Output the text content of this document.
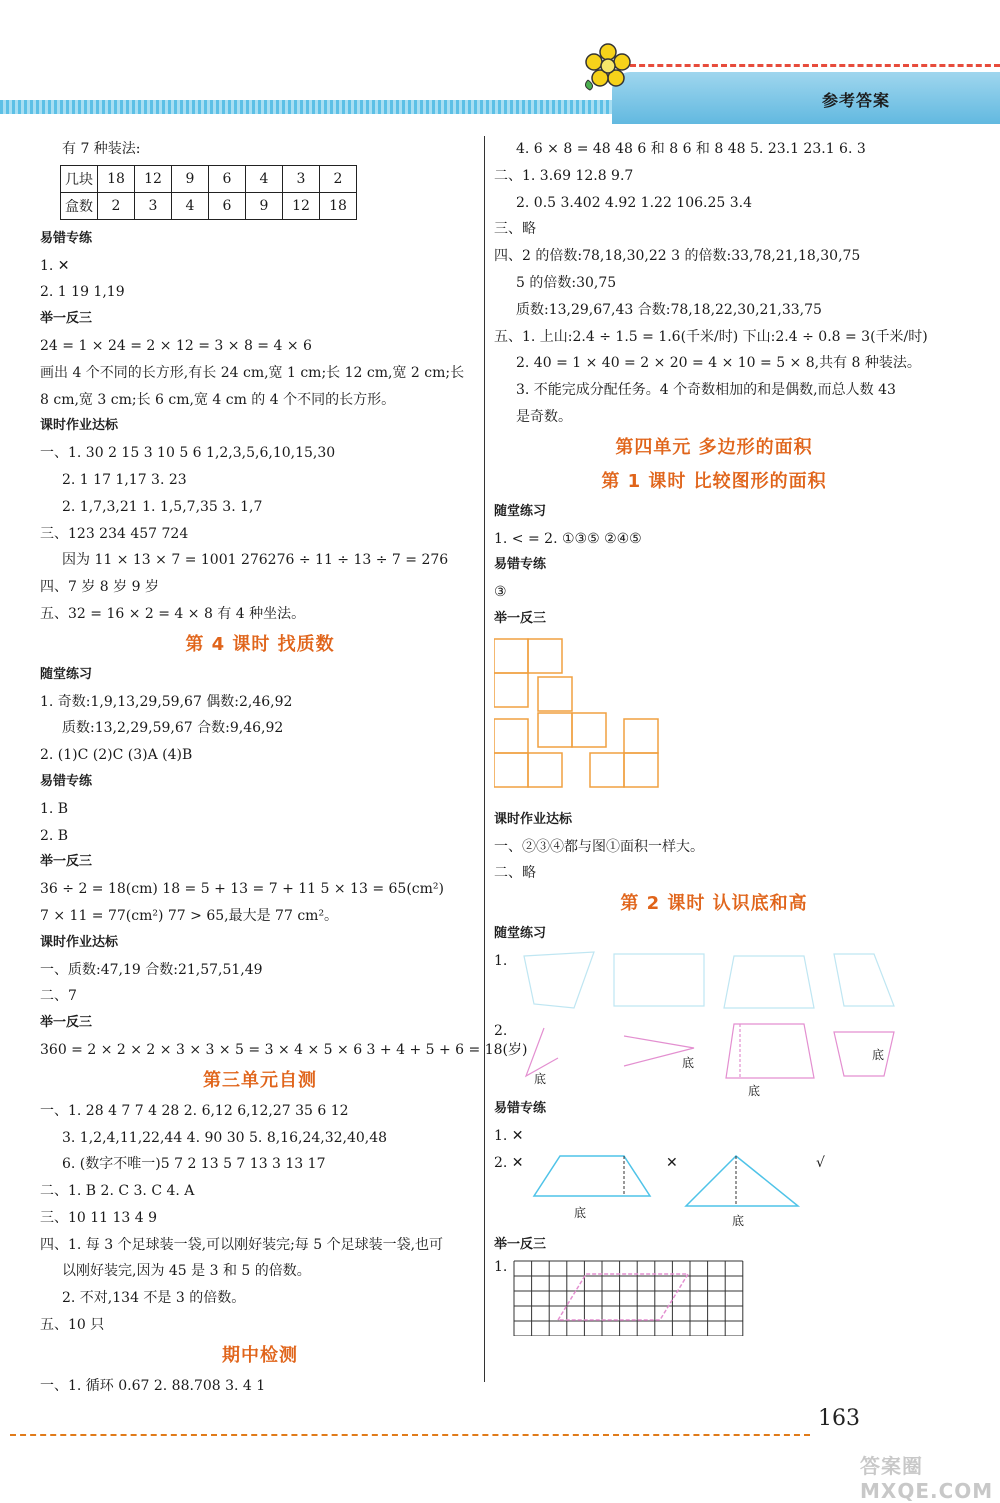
参考答案
有 7 种装法:
几块	18	12	9	6	4	3	2
盒数	2	3	4	6	9	12	18
易错专练
1. ✕
2. 1 19 1,19
举一反三
24 = 1 × 24 = 2 × 12 = 3 × 8 = 4 × 6
画出 4 个不同的长方形,有长 24 cm,宽 1 cm;长 12 cm,宽 2 cm;长
8 cm,宽 3 cm;长 6 cm,宽 4 cm 的 4 个不同的长方形。
课时作业达标
一、1. 30 2 15 3 10 5 6 1,2,3,5,6,10,15,30
2. 1 17 1,17 3. 23
2. 1,7,3,21 1. 1,5,7,35 3. 1,7
三、123 234 457 724
因为 11 × 13 × 7 = 1001 276276 ÷ 11 ÷ 13 ÷ 7 = 276
四、7 岁 8 岁 9 岁
五、32 = 16 × 2 = 4 × 8 有 4 种坐法。
第 4 课时 找质数
随堂练习
1. 奇数:1,9,13,29,59,67 偶数:2,46,92
质数:13,2,29,59,67 合数:9,46,92
2. (1)C (2)C (3)A (4)B
易错专练
1. B
2. B
举一反三
36 ÷ 2 = 18(cm) 18 = 5 + 13 = 7 + 11 5 × 13 = 65(cm²)
7 × 11 = 77(cm²) 77 > 65,最大是 77 cm²。
课时作业达标
一、质数:47,19 合数:21,57,51,49
二、7
举一反三
360 = 2 × 2 × 2 × 3 × 3 × 5 = 3 × 4 × 5 × 6 3 + 4 + 5 + 6 = 18(岁)
第三单元自测
一、1. 28 4 7 7 4 28 2. 6,12 6,12,27 35 6 12
3. 1,2,4,11,22,44 4. 90 30 5. 8,16,24,32,40,48
6. (数字不唯一)5 7 2 13 5 7 13 3 13 17
二、1. B 2. C 3. C 4. A
三、10 11 13 4 9
四、1. 每 3 个足球装一袋,可以刚好装完;每 5 个足球装一袋,也可
以刚好装完,因为 45 是 3 和 5 的倍数。
2. 不对,134 不是 3 的倍数。
五、10 只
期中检测
一、1. 循环 0.67 2. 88.708 3. 4 1
4. 6 × 8 = 48 48 6 和 8 6 和 8 48 5. 23.1 23.1 6. 3
二、1. 3.69 12.8 9.7
2. 0.5 3.402 4.92 1.22 106.25 3.4
三、略
四、2 的倍数:78,18,30,22 3 的倍数:33,78,21,18,30,75
5 的倍数:30,75
质数:13,29,67,43 合数:78,18,22,30,21,33,75
五、1. 上山:2.4 ÷ 1.5 = 1.6(千米/时) 下山:2.4 ÷ 0.8 = 3(千米/时)
2. 40 = 1 × 40 = 2 × 20 = 4 × 10 = 5 × 8,共有 8 种装法。
3. 不能完成分配任务。4 个奇数相加的和是偶数,而总人数 43
是奇数。
第四单元 多边形的面积
第 1 课时 比较图形的面积
随堂练习
1. < = 2. ①③⑤ ②④⑤
易错专练
③
举一反三
课时作业达标
一、②③④都与图①面积一样大。
二、略
第 2 课时 认识底和高
随堂练习
1.
2.
底
底
底
底
易错专练
1. ✕
2. ✕	✕	√
底
底
举一反三
1.
163
答案圈 MXQE.COM
